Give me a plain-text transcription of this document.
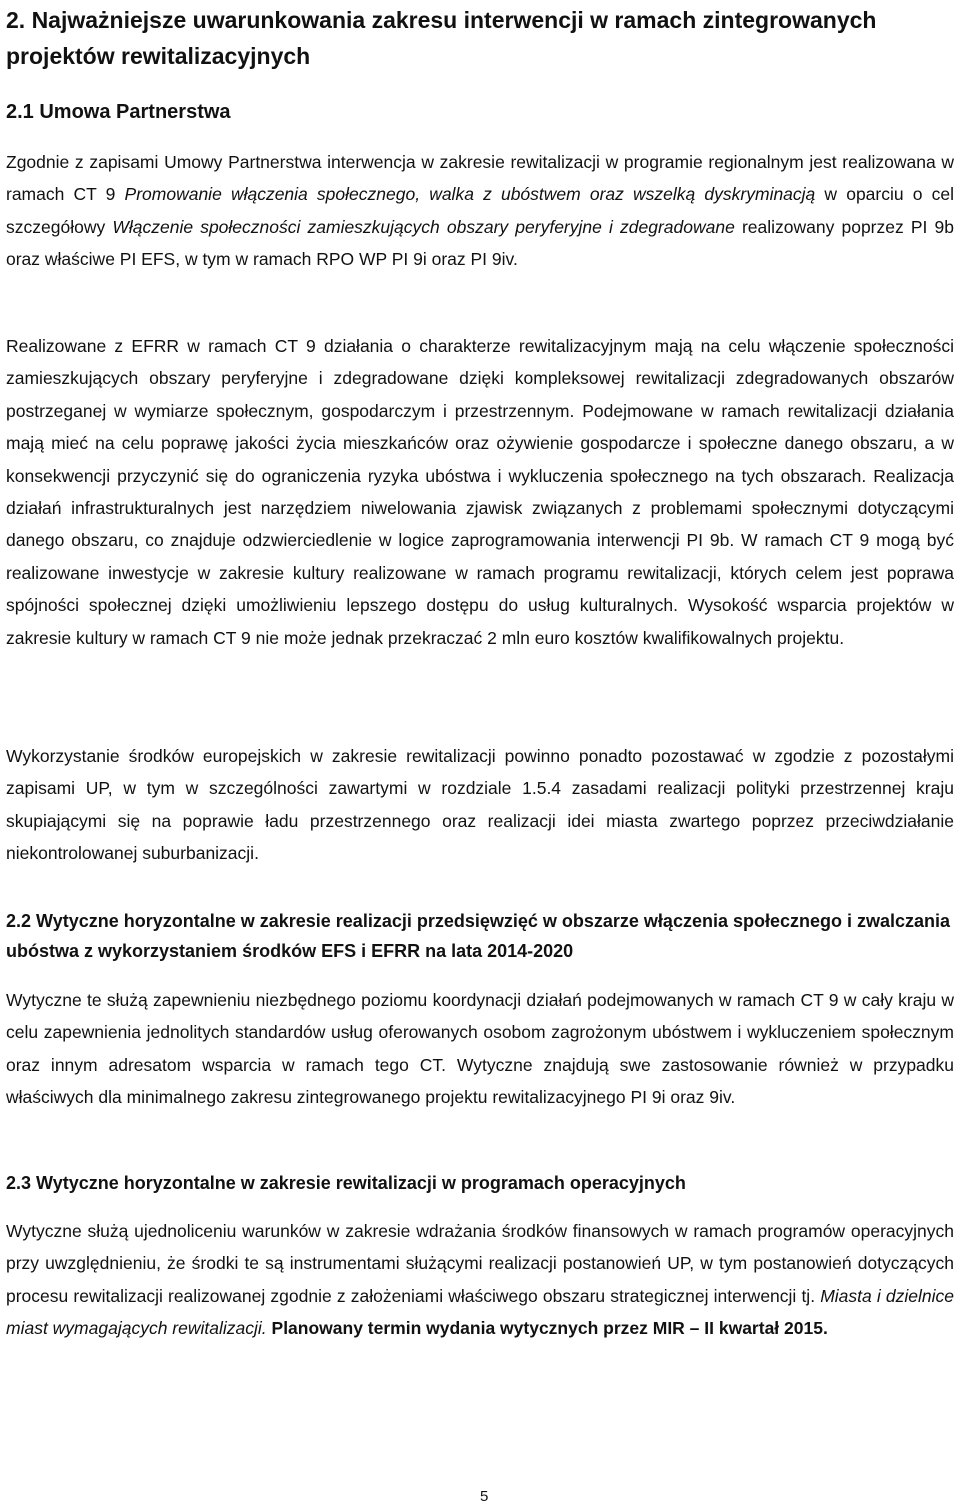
2. Najważniejsze uwarunkowania zakresu interwencji w ramach zintegrowanych projektów rewitalizacyjnych
2.1 Umowa Partnerstwa

Zgodnie z zapisami Umowy Partnerstwa interwencja w zakresie rewitalizacji w programie regionalnym jest realizowana w ramach CT 9 Promowanie włączenia społecznego, walka z ubóstwem oraz wszelką dyskryminacją w oparciu o cel szczegółowy Włączenie społeczności zamieszkujących obszary peryferyjne i zdegradowane realizowany poprzez PI 9b oraz właściwe PI EFS, w tym w ramach RPO WP PI 9i oraz PI 9iv.

Realizowane z EFRR w ramach CT 9 działania o charakterze rewitalizacyjnym mają na celu włączenie społeczności zamieszkujących obszary peryferyjne i zdegradowane dzięki kompleksowej rewitalizacji zdegradowanych obszarów postrzeganej w wymiarze społecznym, gospodarczym i przestrzennym. Podejmowane w ramach rewitalizacji działania mają mieć na celu poprawę jakości życia mieszkańców oraz ożywienie gospodarcze i społeczne danego obszaru, a w konsekwencji przyczynić się do ograniczenia ryzyka ubóstwa i wykluczenia społecznego na tych obszarach. Realizacja działań infrastrukturalnych jest narzędziem niwelowania zjawisk związanych z problemami społecznymi dotyczącymi danego obszaru, co znajduje odzwierciedlenie w logice zaprogramowania interwencji PI 9b. W ramach CT 9 mogą być realizowane inwestycje w zakresie kultury realizowane w ramach programu rewitalizacji, których celem jest poprawa spójności społecznej dzięki umożliwieniu lepszego dostępu do usług kulturalnych. Wysokość wsparcia projektów w zakresie kultury w ramach CT 9 nie może jednak przekraczać 2 mln euro kosztów kwalifikowalnych projektu.

Wykorzystanie środków europejskich w zakresie rewitalizacji powinno ponadto pozostawać w zgodzie z pozostałymi zapisami UP, w tym w szczególności zawartymi w rozdziale 1.5.4 zasadami realizacji polityki przestrzennej kraju skupiającymi się na poprawie ładu przestrzennego oraz realizacji idei miasta zwartego poprzez przeciwdziałanie niekontrolowanej suburbanizacji.

2.2 Wytyczne horyzontalne w zakresie realizacji przedsięwzięć w obszarze włączenia społecznego i zwalczania ubóstwa z wykorzystaniem środków EFS i EFRR na lata 2014-2020

Wytyczne te służą zapewnieniu niezbędnego poziomu koordynacji działań podejmowanych w ramach CT 9 w cały kraju w celu zapewnienia jednolitych standardów usług oferowanych osobom zagrożonym ubóstwem i wykluczeniem społecznym oraz innym adresatom wsparcia w ramach tego CT. Wytyczne znajdują swe zastosowanie również w przypadku właściwych dla minimalnego zakresu zintegrowanego projektu rewitalizacyjnego PI 9i oraz 9iv.

2.3 Wytyczne horyzontalne w zakresie rewitalizacji w programach operacyjnych

Wytyczne służą ujednoliceniu warunków w zakresie wdrażania środków finansowych w ramach programów operacyjnych przy uwzględnieniu, że środki te są instrumentami służącymi realizacji postanowień UP, w tym postanowień dotyczących procesu rewitalizacji realizowanej zgodnie z założeniami właściwego obszaru strategicznej interwencji tj. Miasta i dzielnice miast wymagających rewitalizacji. Planowany termin wydania wytycznych przez MIR – II kwartał 2015.

5
